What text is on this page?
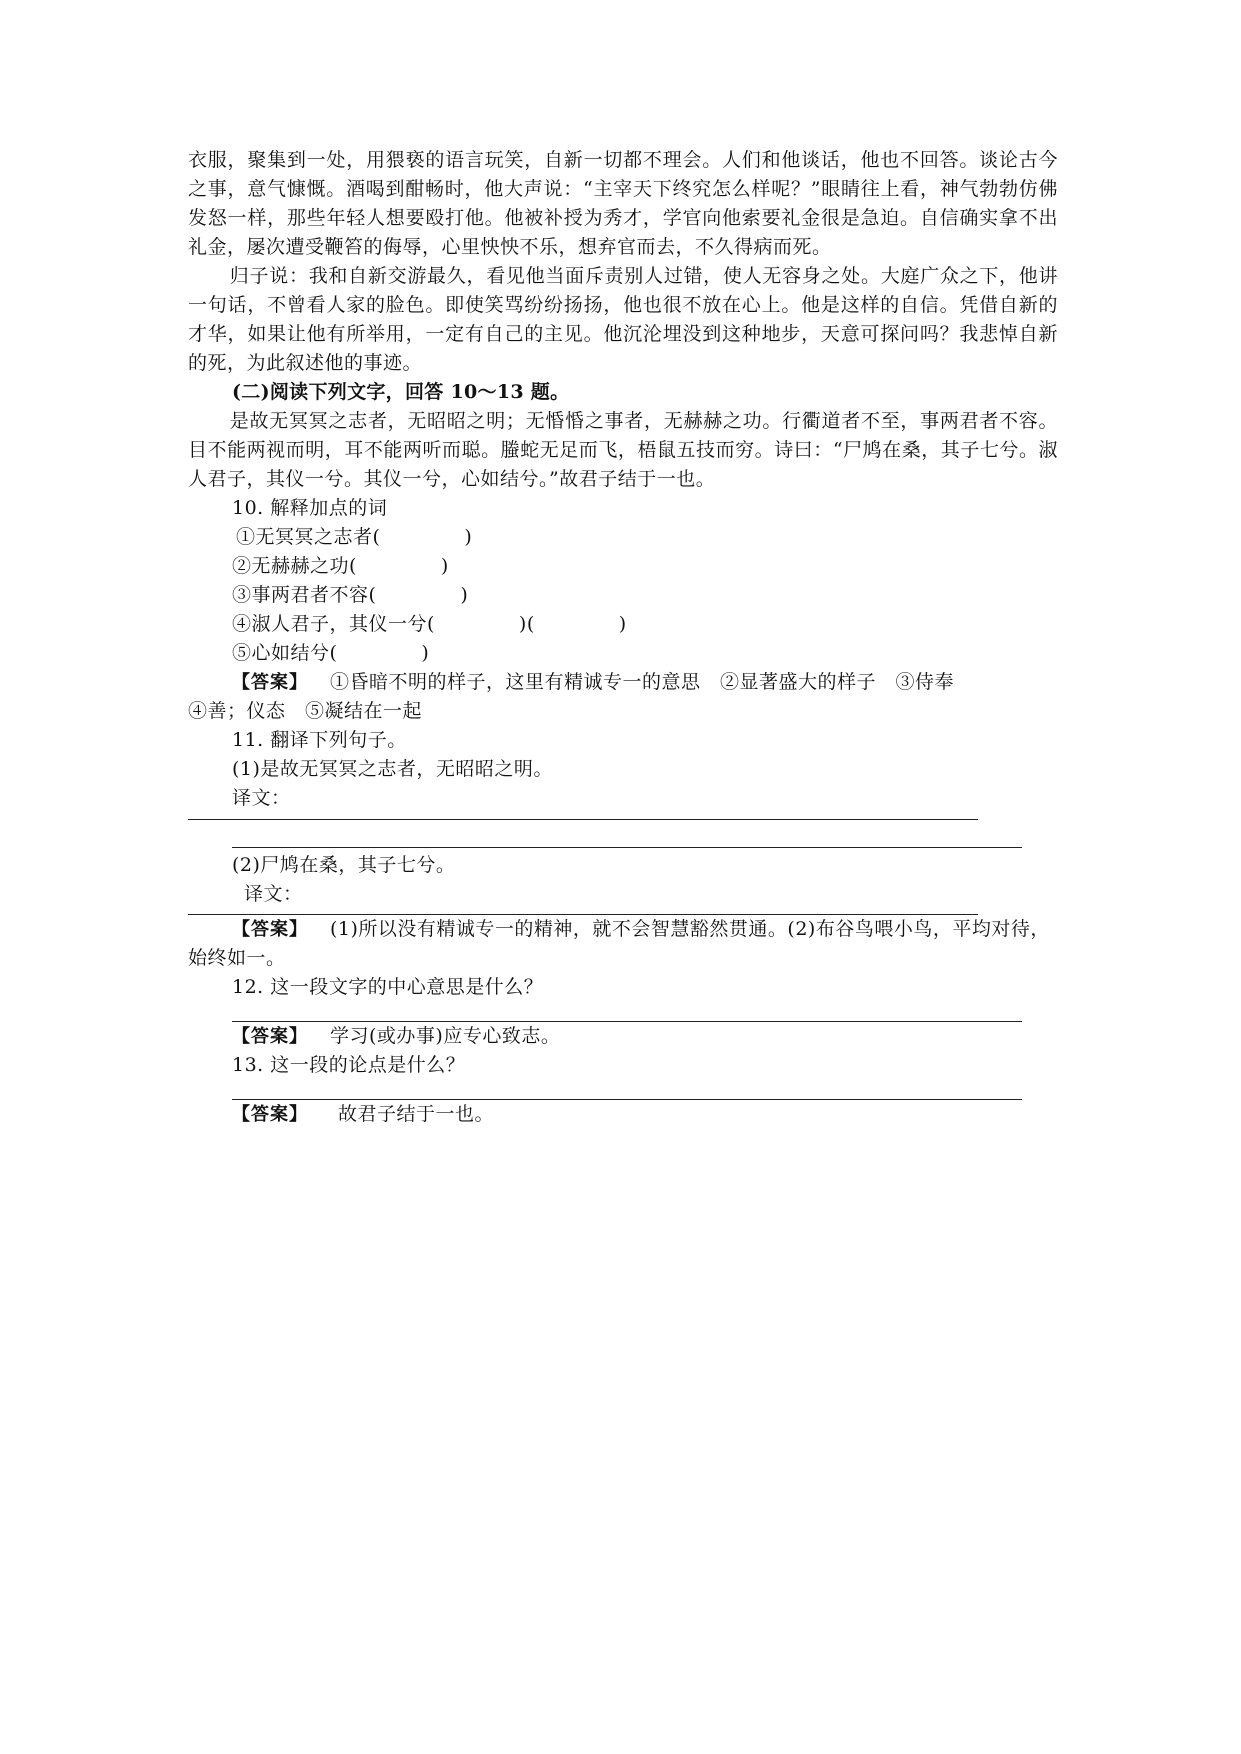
衣服，聚集到一处，用猥亵的语言玩笑，自新一切都不理会。人们和他谈话，他也不回答。谈论古今之事，意气慷慨。酒喝到酣畅时，他大声说：“主宰天下终究怎么样呢？”眼睛往上看，神气勃勃仿佛发怒一样，那些年轻人想要殴打他。他被补授为秀才，学官向他索要礼金很是急迫。自信确实拿不出礼金，屡次遭受鞭笞的侮辱，心里怏怏不乐，想弃官而去，不久得病而死。

归子说：我和自新交游最久，看见他当面斥责别人过错，使人无容身之处。大庭广众之下，他讲一句话，不曾看人家的脸色。即使笑骂纷纷扬扬，他也很不放在心上。他是这样的自信。凭借自新的才华，如果让他有所举用，一定有自己的主见。他沉沦埋没到这种地步，天意可探问吗？我悲悼自新的死，为此叙述他的事迹。

(二)阅读下列文字，回答 10～13 题。

是故无冥冥之志者，无昭昭之明；无惛惛之事者，无赫赫之功。行衢道者不至，事两君者不容。目不能两视而明，耳不能两听而聪。螣蛇无足而飞，梧鼠五技而穷。诗曰：“尸鸠在桑，其子七兮。淑人君子，其仪一兮。其仪一兮，心如结兮。”故君子结于一也。

10. 解释加点的词

①无冥冥之志者(	)

②无赫赫之功(	)

③事两君者不容(	)

④淑人君子，其仪一兮(	)(	)

⑤心如结兮(	)

【答案】 ①昏暗不明的样子，这里有精诚专一的意思　②显著盛大的样子　③侍奉

④善；仪态　⑤凝结在一起

11. 翻译下列句子。

(1)是故无冥冥之志者，无昭昭之明。

译文：

(2)尸鸠在桑，其子七兮。

译文：

【答案】 (1)所以没有精诚专一的精神，就不会智慧豁然贯通。(2)布谷鸟喂小鸟，平均对待，始终如一。

12. 这一段文字的中心意思是什么？

【答案】 学习(或办事)应专心致志。

13. 这一段的论点是什么？

【答案】 故君子结于一也。
